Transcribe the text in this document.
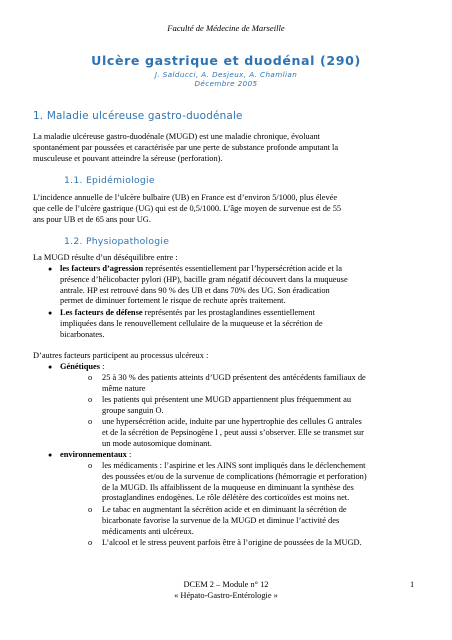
Faculté de Médecine de Marseille
Ulcère gastrique et duodénal (290)
J. Salducci, A. Desjeux, A. Chamlian
Décembre 2005
1. Maladie ulcéreuse gastro-duodénale

La maladie ulcéreuse gastro-duodénale (MUGD) est une maladie chronique, évoluant

spontanément par poussées et caractérisée par une perte de substance profonde amputant la

musculeuse et pouvant atteindre la séreuse (perforation).

1.1. Epidémiologie

L’incidence annuelle de l’ulcère bulbaire (UB) en France est d’environ 5/1000, plus élevée

que celle de l’ulcère gastrique (UG) qui est de 0,5/1000. L’âge moyen de survenue est de 55

ans pour UB et de 65 ans pour UG.

1.2. Physiopathologie

La MUGD résulte d’un déséquilibre entre :

● les facteurs d’agression représentés essentiellement par l’hypersécrétion acide et la

présence d’hélicobacter pylori (HP), bacille gram négatif découvert dans la muqueuse

antrale. HP est retrouvé dans 90 % des UB et dans 70% des UG. Son éradication

permet de diminuer fortement le risque de rechute après traitement.

● Les facteurs de défense représentés par les prostaglandines essentiellement

impliquées dans le renouvellement cellulaire de la muqueuse et la sécrétion de

bicarbonates.

D’autres facteurs participent au processus ulcéreux :

● Génétiques :

o 25 à 30 % des patients atteints d’UGD présentent des antécédents familiaux de

même nature

o les patients qui présentent une MUGD appartiennent plus fréquemment au

groupe sanguin O.

o une hypersécrétion acide, induite par une hypertrophie des cellules G antrales

et de la sécrétion de Pepsinogène I , peut aussi s’observer. Elle se transmet sur

un mode autosomique dominant.

● environnementaux :

o les médicaments : l’aspirine et les AINS sont impliqués dans le déclenchement

des poussées et/ou de la survenue de complications (hémorragie et perforation)

de la MUGD. Ils affaiblissent de la muqueuse en diminuant la synthèse des

prostaglandines endogènes. Le rôle délétère des corticoïdes est moins net.

o Le tabac en augmentant la sécrétion acide et en diminuant la sécrétion de

bicarbonate favorise la survenue de la MUGD et diminue l’activité des

médicaments anti ulcéreux.

o L’alcool et le stress peuvent parfois être à l’origine de poussées de la MUGD.

DCEM 2 – Module n° 12
« Hépato-Gastro-Entérologie »
1
